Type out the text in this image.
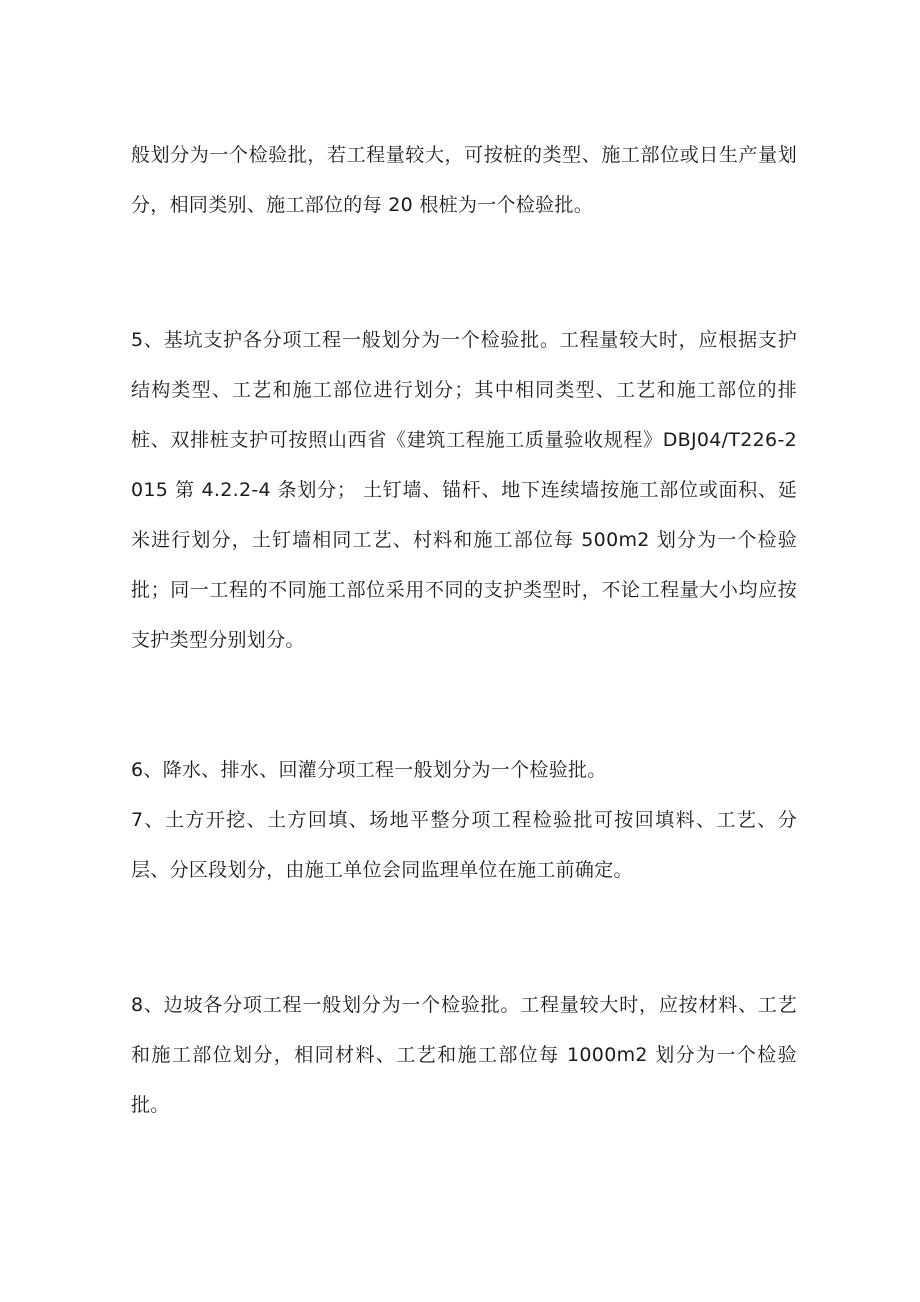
般划分为一个检验批，若工程量较大，可按桩的类型、施工部位或日生产量划分，相同类别、施工部位的每 20 根桩为一个检验批。

5、基坑支护各分项工程一般划分为一个检验批。工程量较大时，应根据支护结构类型、工艺和施工部位进行划分；其中相同类型、工艺和施工部位的排桩、双排桩支护可按照山西省《建筑工程施工质量验收规程》DBJ04/T226-2015 第 4.2.2-4 条划分； 土钉墙、锚杆、地下连续墙按施工部位或面积、延米进行划分，土钉墙相同工艺、村料和施工部位每 500m2 划分为一个检验批；同一工程的不同施工部位采用不同的支护类型时，不论工程量大小均应按支护类型分别划分。

6、降水、排水、回灌分项工程一般划分为一个检验批。

7、土方开挖、土方回填、场地平整分项工程检验批可按回填料、工艺、分层、分区段划分，由施工单位会同监理单位在施工前确定。

8、边坡各分项工程一般划分为一个检验批。工程量较大时，应按材料、工艺和施工部位划分，相同材料、工艺和施工部位每 1000m2 划分为一个检验批。
